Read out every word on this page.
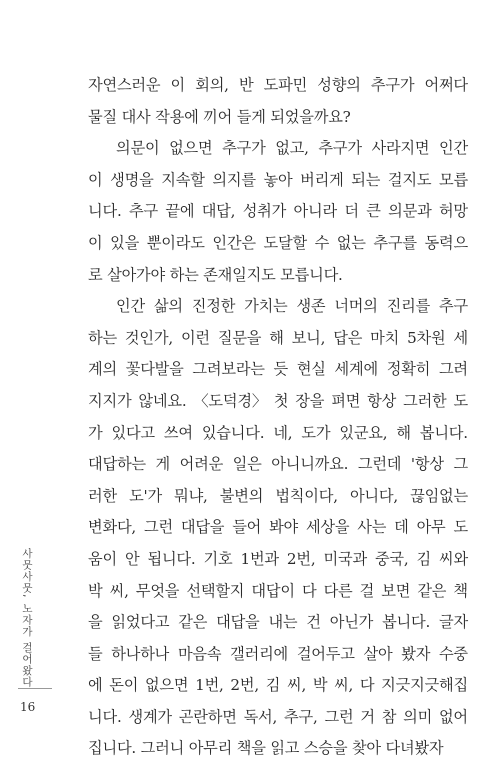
자연스러운 이 회의, 반 도파민 성향의 추구가 어쩌다
물질 대사 작용에 끼어 들게 되었을까요?
의문이 없으면 추구가 없고, 추구가 사라지면 인간
이 생명을 지속할 의지를 놓아 버리게 되는 걸지도 모릅
니다. 추구 끝에 대답, 성취가 아니라 더 큰 의문과 허망
이 있을 뿐이라도 인간은 도달할 수 없는 추구를 동력으
로 살아가야 하는 존재일지도 모릅니다.
인간 삶의 진정한 가치는 생존 너머의 진리를 추구
하는 것인가, 이런 질문을 해 보니, 답은 마치 5차원 세
계의 꽃다발을 그려보라는 듯 현실 세계에 정확히 그려
지지가 않네요. 〈도덕경〉 첫 장을 펴면 항상 그러한 도
가 있다고 쓰여 있습니다. 네, 도가 있군요, 해 봅니다.
대답하는 게 어려운 일은 아니니까요. 그런데 '항상 그
러한 도'가 뭐냐, 불변의 법칙이다, 아니다, 끊임없는
변화다, 그런 대답을 들어 봐야 세상을 사는 데 아무 도
움이 안 됩니다. 기호 1번과 2번, 미국과 중국, 김 씨와
박 씨, 무엇을 선택할지 대답이 다 다른 걸 보면 같은 책
을 읽었다고 같은 대답을 내는 건 아닌가 봅니다. 글자
들 하나하나 마음속 갤러리에 걸어두고 살아 봤자 수중
에 돈이 없으면 1번, 2번, 김 씨, 박 씨, 다 지긋지긋해집
니다. 생계가 곤란하면 독서, 추구, 그런 거 참 의미 없어
집니다. 그러니 아무리 책을 읽고 스승을 찾아 다녀봤자
사뭇사뭇, 노자가 걸어왔다
16
